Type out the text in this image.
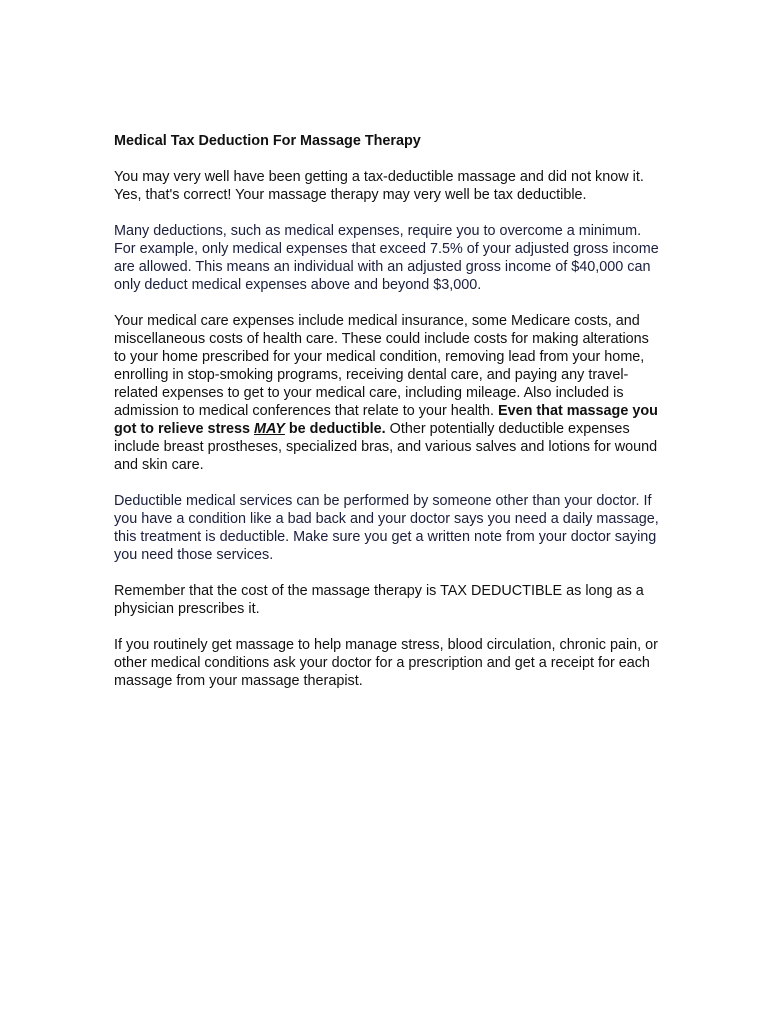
Medical Tax Deduction For Massage Therapy

You may very well have been getting a tax-deductible massage and did not know it. Yes, that's correct! Your massage therapy may very well be tax deductible.

Many deductions, such as medical expenses, require you to overcome a minimum. For example, only medical expenses that exceed 7.5% of your adjusted gross income are allowed. This means an individual with an adjusted gross income of $40,000 can only deduct medical expenses above and beyond $3,000.

Your medical care expenses include medical insurance, some Medicare costs, and miscellaneous costs of health care. These could include costs for making alterations to your home prescribed for your medical condition, removing lead from your home, enrolling in stop-smoking programs, receiving dental care, and paying any travel-related expenses to get to your medical care, including mileage. Also included is admission to medical conferences that relate to your health. Even that massage you got to relieve stress MAY be deductible. Other potentially deductible expenses include breast prostheses, specialized bras, and various salves and lotions for wound and skin care.

Deductible medical services can be performed by someone other than your doctor. If you have a condition like a bad back and your doctor says you need a daily massage, this treatment is deductible. Make sure you get a written note from your doctor saying you need those services.

Remember that the cost of the massage therapy is TAX DEDUCTIBLE as long as a physician prescribes it.

If you routinely get massage to help manage stress, blood circulation, chronic pain, or other medical conditions ask your doctor for a prescription and get a receipt for each massage from your massage therapist.
